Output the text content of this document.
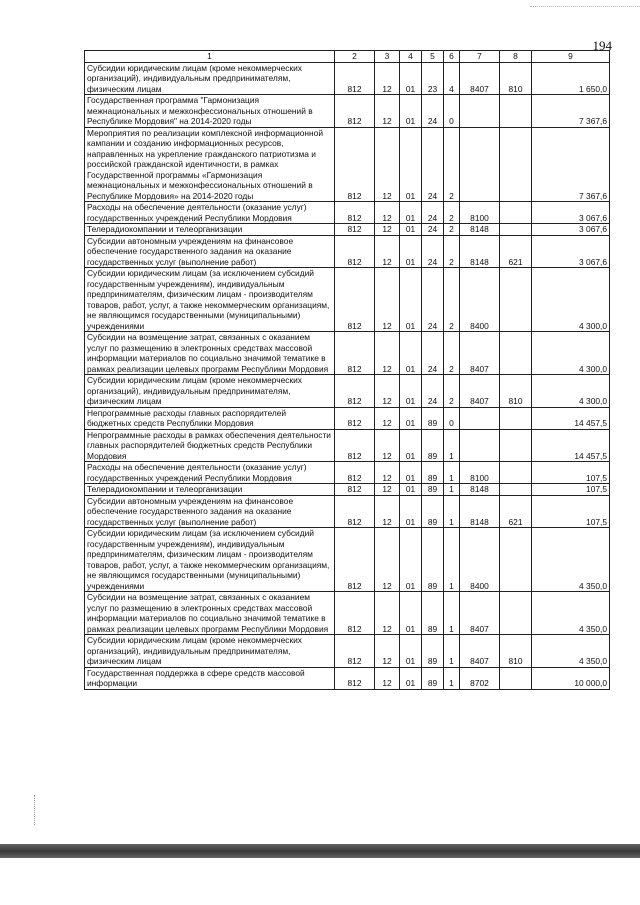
194
1	2	3	4	5	6	7	8	9
Субсидии юридическим лицам (кроме некоммерческих организаций), индивидуальным предпринимателям, физическим лицам	812	12	01	23	4	8407	810	1 650,0
Государственная программа "Гармонизация межнациональных и межконфессиональных отношений в Республике Мордовия" на 2014-2020 годы	812	12	01	24	0			7 367,6
Мероприятия по реализации комплексной информационной кампании и созданию информационных ресурсов, направленных на укрепление гражданского патриотизма и российской гражданской идентичности, в рамках Государственной программы «Гармонизация межнациональных и межконфессиональных отношений в Республике Мордовия» на 2014-2020 годы	812	12	01	24	2			7 367,6
Расходы на обеспечение деятельности (оказание услуг) государственных учреждений Республики Мордовия	812	12	01	24	2	8100		3 067,6
Телерадиокомпании и телеорганизации	812	12	01	24	2	8148		3 067,6
Субсидии автономным учреждениям на финансовое обеспечение государственного задания на оказание государственных услуг (выполнение работ)	812	12	01	24	2	8148	621	3 067,6
Субсидии юридическим лицам (за исключением субсидий государственным учреждениям), индивидуальным предпринимателям, физическим лицам - производителям товаров, работ, услуг, а также некоммерческим организациям, не являющимся государственными (муниципальными) учреждениями	812	12	01	24	2	8400		4 300,0
Субсидии на возмещение затрат, связанных с оказанием услуг по размещению в электронных средствах массовой информации материалов по социально значимой тематике в рамках реализации целевых программ Республики Мордовия	812	12	01	24	2	8407		4 300,0
Субсидии юридическим лицам (кроме некоммерческих организаций), индивидуальным предпринимателям, физическим лицам	812	12	01	24	2	8407	810	4 300,0
Непрограммные расходы главных распорядителей бюджетных средств Республики Мордовия	812	12	01	89	0			14 457,5
Непрограммные расходы в рамках обеспечения деятельности главных распорядителей бюджетных средств Республики Мордовия	812	12	01	89	1			14 457,5
Расходы на обеспечение деятельности (оказание услуг) государственных учреждений Республики Мордовия	812	12	01	89	1	8100		107,5
Телерадиокомпании и телеорганизации	812	12	01	89	1	8148		107,5
Субсидии автономным учреждениям на финансовое обеспечение государственного задания на оказание государственных услуг (выполнение работ)	812	12	01	89	1	8148	621	107,5
Субсидии юридическим лицам (за исключением субсидий государственным учреждениям), индивидуальным предпринимателям, физическим лицам - производителям товаров, работ, услуг, а также некоммерческим организациям, не являющимся государственными (муниципальными) учреждениями	812	12	01	89	1	8400		4 350,0
Субсидии на возмещение затрат, связанных с оказанием услуг по размещению в электронных средствах массовой информации материалов по социально значимой тематике в рамках реализации целевых программ Республики Мордовия	812	12	01	89	1	8407		4 350,0
Субсидии юридическим лицам (кроме некоммерческих организаций), индивидуальным предпринимателям, физическим лицам	812	12	01	89	1	8407	810	4 350,0
Государственная поддержка в сфере средств массовой информации	812	12	01	89	1	8702		10 000,0
